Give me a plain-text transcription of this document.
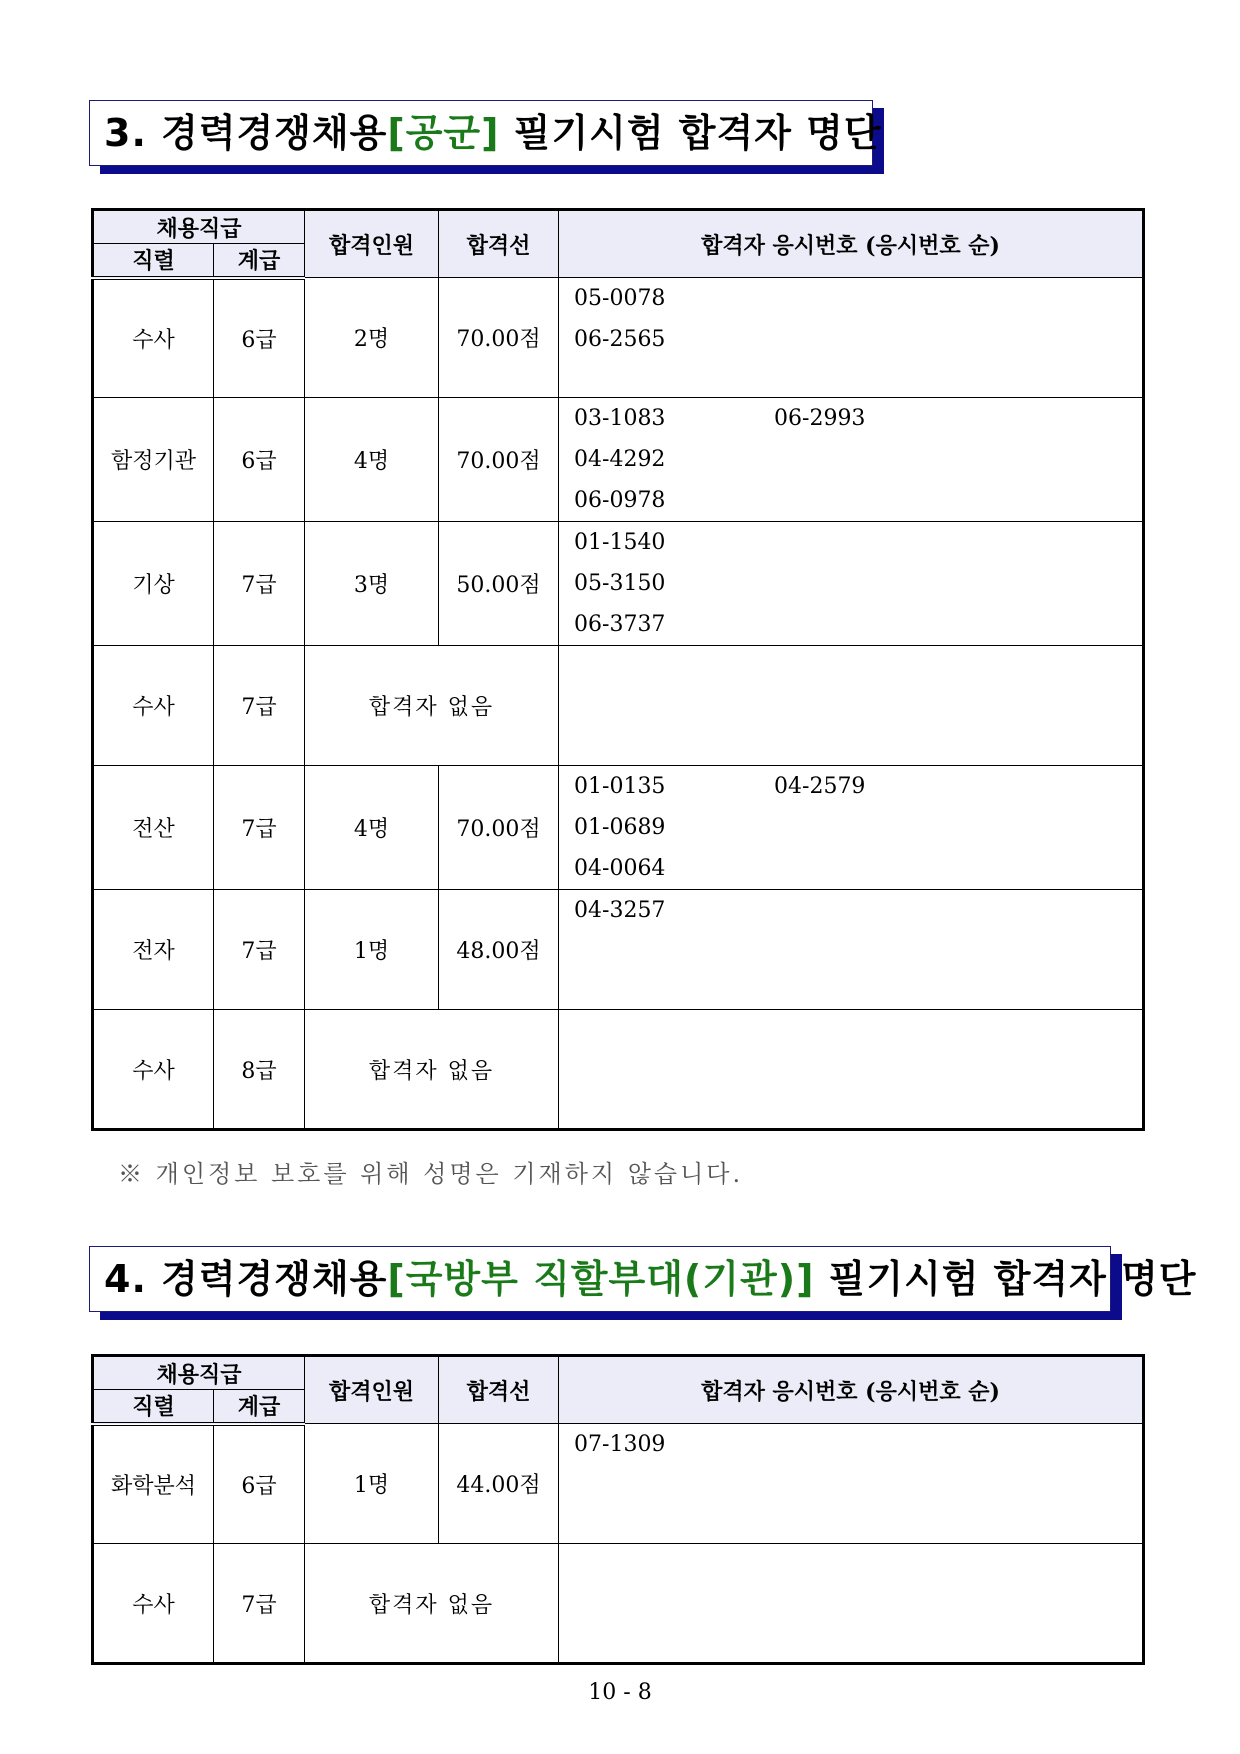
3. 경력경쟁채용[공군] 필기시험 합격자 명단
채용직급		합격인원	합격선	합격자 응시번호 (응시번호 순)
직렬	계급			
수사	6급	2명	70.00점	05-0078
06-2565

함정기관	6급	4명	70.00점	03-1083 06-2993
04-4292
06-0978

기상	7급	3명	50.00점	01-1540
05-3150
06-3737

수사	7급	합격자 없음		

전산	7급	4명	70.00점	01-0135 04-2579
01-0689
04-0064

전자	7급	1명	48.00점	04-3257

수사	8급	합격자 없음		
※ 개인정보 보호를 위해 성명은 기재하지 않습니다.
4. 경력경쟁채용[국방부 직할부대(기관)] 필기시험 합격자 명단
채용직급		합격인원	합격선	합격자 응시번호 (응시번호 순)
직렬	계급			
화학분석	6급	1명	44.00점	07-1309

수사	7급	합격자 없음		
10 - 8
